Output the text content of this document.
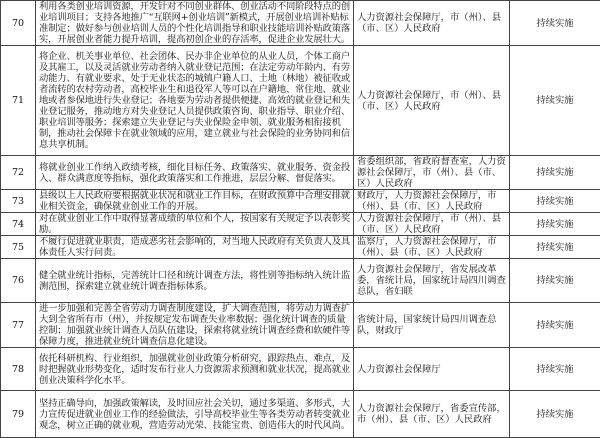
70	利用各类创业培训资源，开发针对不同创业群体、创业活动不同阶段特点的创业培训项目；支持各地推广“互联网+创业培训”新模式，开展创业培训补贴标准制定；做好参与创业培训人员的个性化培训指导和职业技能培训补贴政策落实，开展创业者能力提升培训，提高初创企业的存活率，促进企业发展壮大。	人力资源社会保障厅，市（州）、县（市、区）人民政府	持续实施
71	将企业、机关事业单位、社会团体、民办非企业单位的从业人员，个体工商户及其雇工，以及灵活就业劳动者纳入就业登记范围；在法定劳动年龄内、有劳动能力、有就业要求、处于无业状态的城镇户籍人口、土地（林地）被征收或者流转的农村劳动者，高校毕业生和退役军人等可以在户籍地、常住地、就业地或者参保地进行失业登记；各地要为劳动者提供便捷、高效的就业登记和失业登记服务，推动地方对失业登记人员提供政策咨询、职业指导、职业介绍、职业培训等服务；探索建立失业登记与失业保险金申领、就业服务相衔接机制，推动社会保障卡在就业领域的应用，建立就业与社会保险的业务协同和信息共享机制。	人力资源社会保障厅，市（州）、县（市、区）人民政府	持续实施
72	将就业创业工作纳入政绩考核，细化目标任务、政策落实、就业服务、资金投入、群众满意度等指标，强化政策落实和工作推进，层层分解、督促落实。	省委组织部，省政府督查室，人力资源社会保障厅，市（州）、县（市、区）人民政府	持续实施
73	县级以上人民政府要根据就业状况和就业工作目标，在财政预算中合理安排就业相关资金，确保就业创业工作的开展。	财政厅，人力资源社会保障厅，市（州）、县（市、区）人民政府	持续实施
74	对在就业创业工作中取得显著成绩的单位和个人，按国家有关规定予以表彰奖励。	人力资源社会保障厅，市（州）、县（市、区）人民政府	持续实施
75	不履行促进就业职责，造成恶劣社会影响的，对当地人民政府有关负责人及具体责任人实行问责。	监察厅，人力资源社会保障厅，市（州）、县（市、区）人民政府	持续实施
76	健全就业统计指标，完善统计口径和统计调查方法，将性别等指标纳入统计监测范围，探索建立就业统计调查指标体系。	人力资源社会保障厅，省发展改革委，省统计局，国家统计局四川调查总队，省妇联	持续实施
77	进一步加强和完善全省劳动力调查制度建设，扩大调查范围，将劳动力调查扩大到全省所有市（州），并按规定发布调查失业率数据；强化统计调查的质量控制；加强就业统计调查人员队伍建设，探索将就业统计调查经费和软硬件等保障力度，推进就业统计调查信息化建设。	省统计局，国家统计局四川调查总队，财政厅	持续实施
78	依托科研机构、行业组织，加强就业创业政策分析研究，跟踪热点、难点，及时把握就业形势变化，适时发布行业人力资源需求预测和就业状况，提高就业创业决策科学化水平。	人力资源社会保障厅	持续实施
79	坚持正确导向，加强政策解读，及时回应社会关切，通过多渠道、多形式，大力宣传促进就业创业工作的经验做法，引导高校毕业生等各类劳动者转变就业观念，树立正确的就业观，营造劳动光荣、技能宝贵、创造伟大的时代风尚。	人力资源社会保障厅，省委宣传部，市（州）、县（市、区）人民政府	持续实施
